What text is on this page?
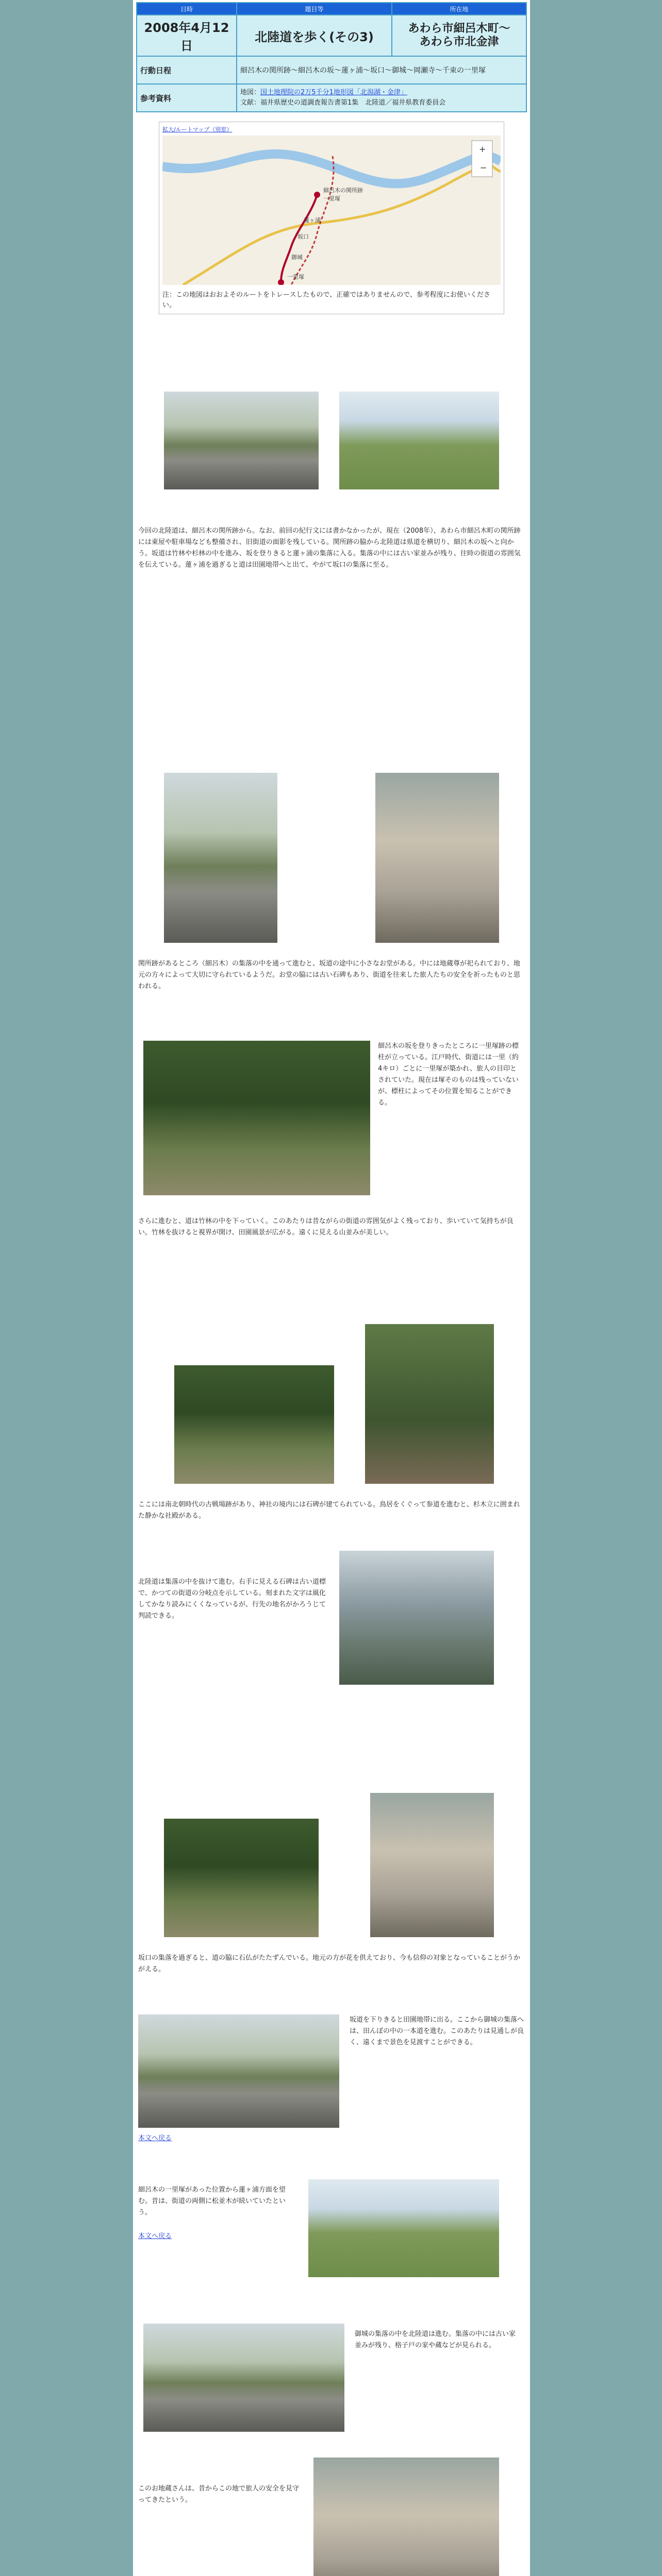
日時	題目等	所在地
2008年4月12日	北陸道を歩く(その3)	あわら市細呂木町～
あわら市北金津

行動日程	細呂木の関所跡～細呂木の坂～蓮ヶ浦～坂口～御城～岡瀬寺～千束の一里塚	
参考資料	地図：国土地理院の2万5千分1地形図「北潟湖・金津」
文献：福井県歴史の道調査報告書第1集　北陸道／福井県教育委員会	
拡大/ルートマップ（別窓）
細呂木の関所跡
一里塚
蓮ヶ浦
坂口
御城
一里塚
+
−
注：この地図はおおよそのルートをトレースしたもので、正確ではありませんので、参考程度にお使いください。
今回の北陸道は、細呂木の関所跡から。なお、前回の紀行文には書かなかったが、現在（2008年）、あわら市細呂木町の関所跡には東屋や駐車場なども整備され、旧街道の面影を残している。関所跡の脇から北陸道は県道を横切り、細呂木の坂へと向かう。坂道は竹林や杉林の中を進み、坂を登りきると蓮ヶ浦の集落に入る。集落の中には古い家並みが残り、往時の街道の雰囲気を伝えている。蓮ヶ浦を過ぎると道は田園地帯へと出て、やがて坂口の集落に至る。
関所跡があるところ（細呂木）の集落の中を通って進むと、坂道の途中に小さなお堂がある。中には地蔵尊が祀られており、地元の方々によって大切に守られているようだ。お堂の脇には古い石碑もあり、街道を往来した旅人たちの安全を祈ったものと思われる。
細呂木の坂を登りきったところに一里塚跡の標柱が立っている。江戸時代、街道には一里（約4キロ）ごとに一里塚が築かれ、旅人の目印とされていた。現在は塚そのものは残っていないが、標柱によってその位置を知ることができる。
さらに進むと、道は竹林の中を下っていく。このあたりは昔ながらの街道の雰囲気がよく残っており、歩いていて気持ちが良い。竹林を抜けると視界が開け、田園風景が広がる。遠くに見える山並みが美しい。
ここには南北朝時代の古戦場跡があり、神社の境内には石碑が建てられている。鳥居をくぐって参道を進むと、杉木立に囲まれた静かな社殿がある。
北陸道は集落の中を抜けて進む。右手に見える石碑は古い道標で、かつての街道の分岐点を示している。刻まれた文字は風化してかなり読みにくくなっているが、行先の地名がかろうじて判読できる。
坂口の集落を過ぎると、道の脇に石仏がたたずんでいる。地元の方が花を供えており、今も信仰の対象となっていることがうかがえる。
坂道を下りきると田園地帯に出る。ここから御城の集落へは、田んぼの中の一本道を進む。このあたりは見通しが良く、遠くまで景色を見渡すことができる。
本文へ戻る
細呂木の一里塚があった位置から蓮ヶ浦方面を望む。昔は、街道の両側に松並木が続いていたという。
本文へ戻る
御城の集落の中を北陸道は進む。集落の中には古い家並みが残り、格子戸の家や蔵などが見られる。
このお地蔵さんは、昔からこの地で旅人の安全を見守ってきたという。
